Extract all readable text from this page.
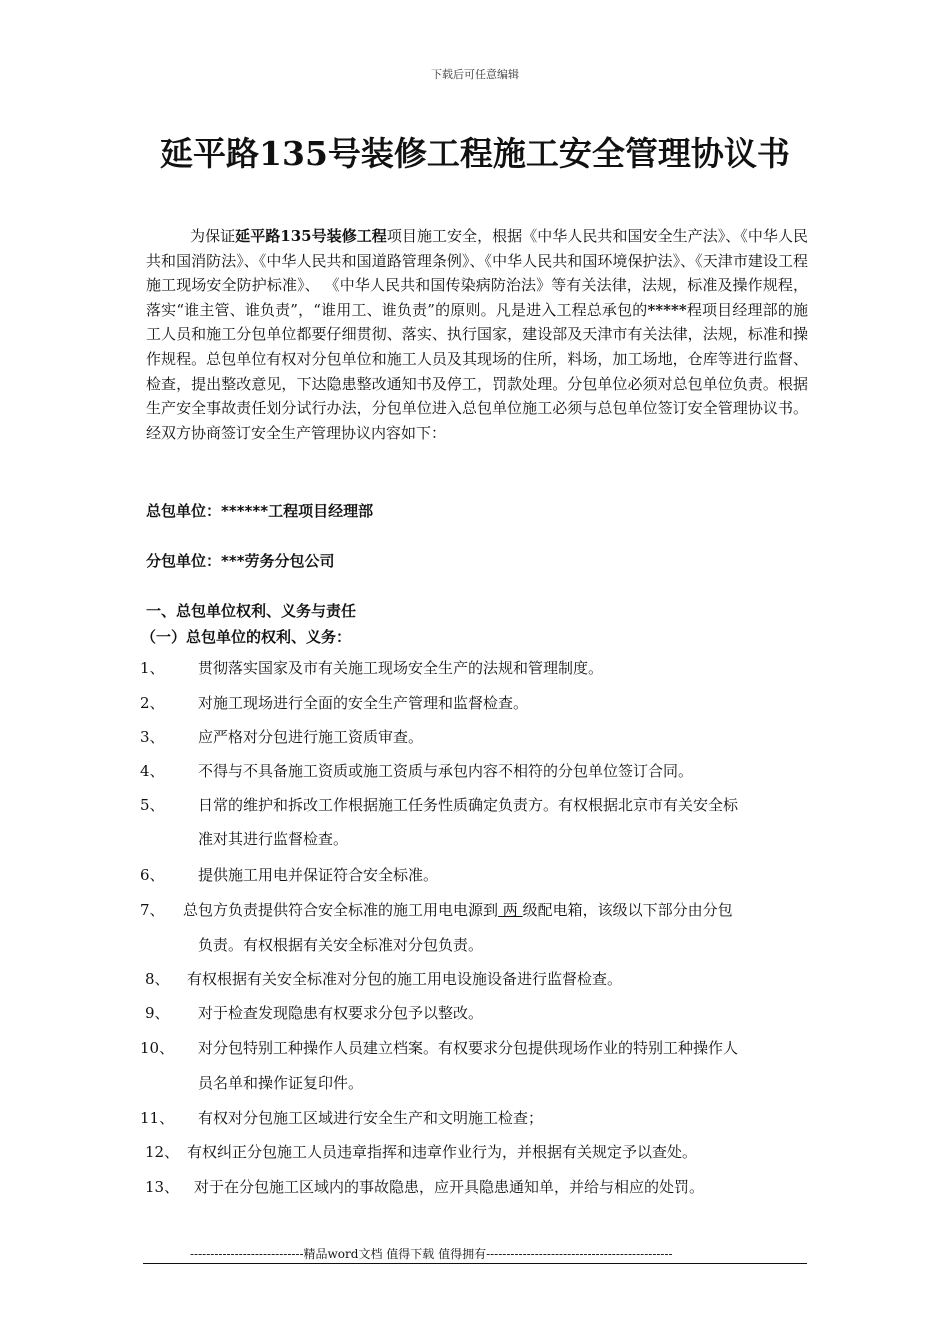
下载后可任意编辑
延平路135号装修工程施工安全管理协议书
为保证延平路135号装修工程项目施工安全，根据《中华人民共和国安全生产法》、《中华人民共和国消防法》、《中华人民共和国道路管理条例》、《中华人民共和国环境保护法》、《天津市建设工程施工现场安全防护标准》、 《中华人民共和国传染病防治法》等有关法律，法规，标准及操作规程，落实“谁主管、谁负责”，“谁用工、谁负责”的原则。凡是进入工程总承包的*****程项目经理部的施工人员和施工分包单位都要仔细贯彻、落实、执行国家，建设部及天津市有关法律，法规，标准和操作规程。总包单位有权对分包单位和施工人员及其现场的住所，料场，加工场地，仓库等进行监督、检查，提出整改意见，下达隐患整改通知书及停工，罚款处理。分包单位必须对总包单位负责。根据生产安全事故责任划分试行办法，分包单位进入总包单位施工必须与总包单位签订安全管理协议书。经双方协商签订安全生产管理协议内容如下：
总包单位：******工程项目经理部
分包单位：***劳务分包公司
一、总包单位权利、义务与责任
（一）总包单位的权利、义务：
1、 贯彻落实国家及市有关施工现场安全生产的法规和管理制度。
2、 对施工现场进行全面的安全生产管理和监督检查。
3、 应严格对分包进行施工资质审查。
4、 不得与不具备施工资质或施工资质与承包内容不相符的分包单位签订合同。
5、 日常的维护和拆改工作根据施工任务性质确定负责方。有权根据北京市有关安全标
准对其进行监督检查。
6、 提供施工用电并保证符合安全标准。
7、 总包方负责提供符合安全标准的施工用电电源到 两 级配电箱，该级以下部分由分包
负责。有权根据有关安全标准对分包负责。
8、 有权根据有关安全标准对分包的施工用电设施设备进行监督检查。
9、 对于检查发现隐患有权要求分包予以整改。
10、 对分包特别工种操作人员建立档案。有权要求分包提供现场作业的特别工种操作人
员名单和操作证复印件。
11、 有权对分包施工区域进行安全生产和文明施工检查；
12、 有权纠正分包施工人员违章指挥和违章作业行为，并根据有关规定予以查处。
13、 对于在分包施工区域内的事故隐患，应开具隐患通知单，并给与相应的处罚。
----------------------------精品word文档 值得下载 值得拥有----------------------------------------------
